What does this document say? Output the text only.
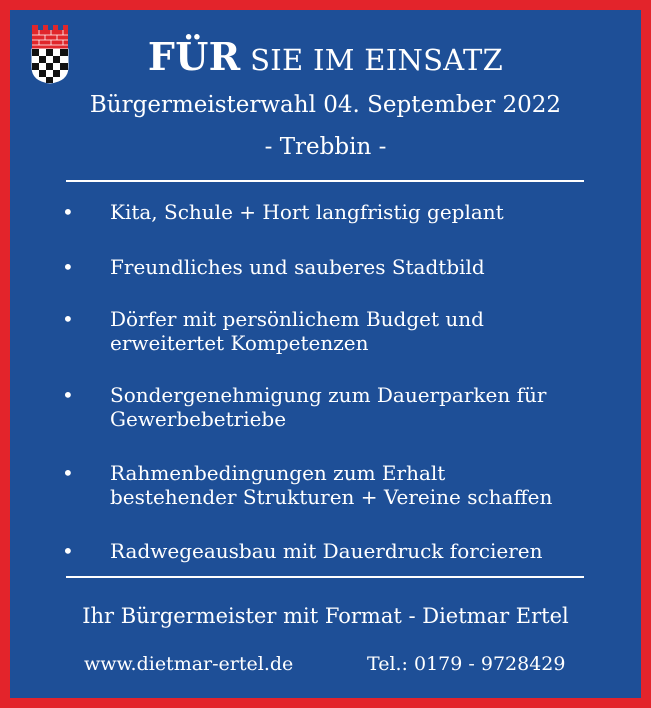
FÜR SIE IM EINSATZ
Bürgermeisterwahl 04. September 2022
- Trebbin -
• Kita, Schule + Hort langfristig geplant
• Freundliches und sauberes Stadtbild
• Dörfer mit persönlichem Budget und
erweitertet Kompetenzen
• Sondergenehmigung zum Dauerparken für
Gewerbebetriebe
• Rahmenbedingungen zum Erhalt
bestehender Strukturen + Vereine schaffen
• Radwegeausbau mit Dauerdruck forcieren
Ihr Bürgermeister mit Format - Dietmar Ertel
www.dietmar-ertel.de	Tel.: 0179 - 9728429
